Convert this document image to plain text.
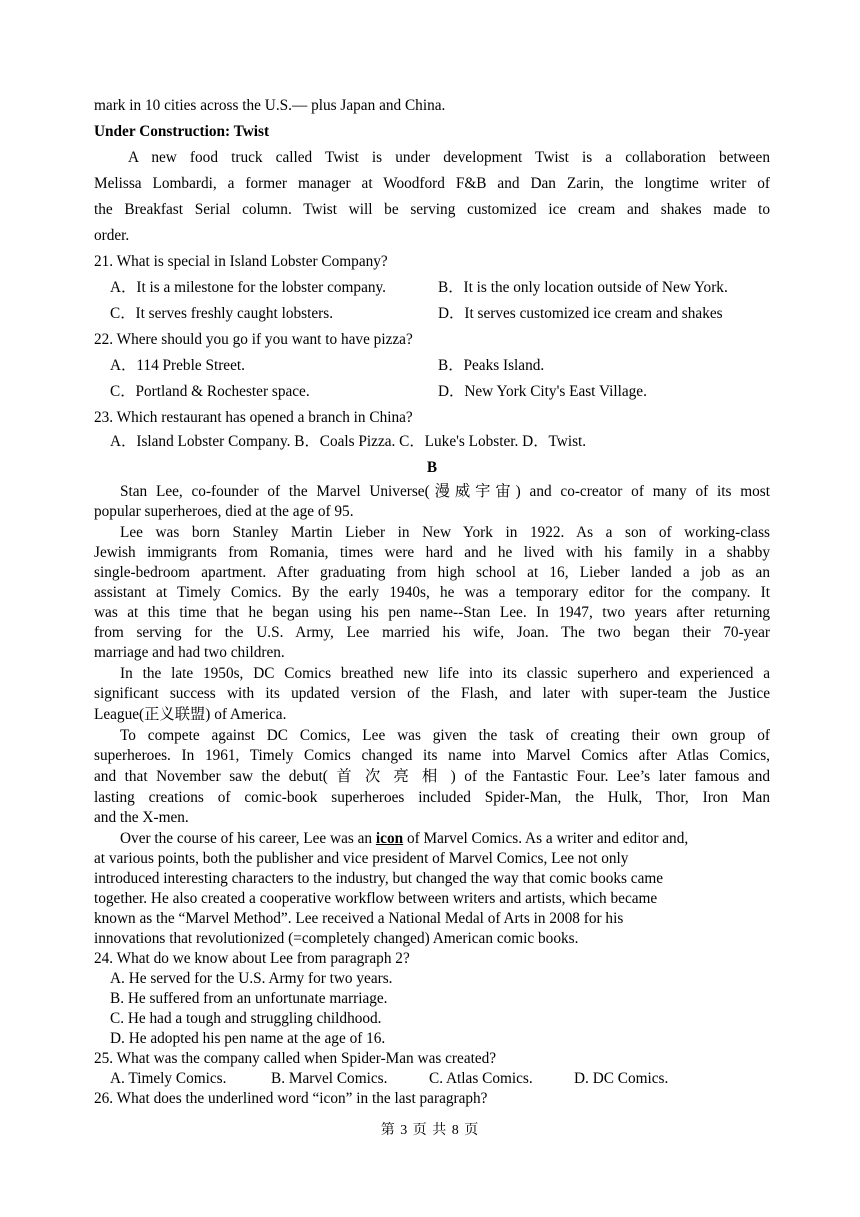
mark in 10 cities across the U.S.— plus Japan and China.
Under Construction: Twist
A new food truck called Twist is under development Twist is a collaboration between
Melissa Lombardi, a former manager at Woodford F&B and Dan Zarin, the longtime writer of
the Breakfast Serial column. Twist will be serving customized ice cream and shakes made to
order.
21. What is special in Island Lobster Company?
A．It is a milestone for the lobster company.	B．It is the only location outside of New York.
C．It serves freshly caught lobsters.	D．It serves customized ice cream and shakes
22. Where should you go if you want to have pizza?
A．114 Preble Street.	B．Peaks Island.
C．Portland & Rochester space.	D．New York City's East Village.
23. Which restaurant has opened a branch in China?
A．Island Lobster Company. B．Coals Pizza. C．Luke's Lobster. D．Twist.
B
Stan Lee, co-founder of the Marvel Universe(漫威宇宙) and co-creator of many of its most
popular superheroes, died at the age of 95.
Lee was born Stanley Martin Lieber in New York in 1922. As a son of working-class
Jewish immigrants from Romania, times were hard and he lived with his family in a shabby
single-bedroom apartment. After graduating from high school at 16, Lieber landed a job as an
assistant at Timely Comics. By the early 1940s, he was a temporary editor for the company. It
was at this time that he began using his pen name--Stan Lee. In 1947, two years after returning
from serving for the U.S. Army, Lee married his wife, Joan. The two began their 70-year
marriage and had two children.
In the late 1950s, DC Comics breathed new life into its classic superhero and experienced a
significant success with its updated version of the Flash, and later with super-team the Justice
League(正义联盟) of America.
To compete against DC Comics, Lee was given the task of creating their own group of
superheroes. In 1961, Timely Comics changed its name into Marvel Comics after Atlas Comics,
and that November saw the debut( 首 次 亮 相 ) of the Fantastic Four. Lee’s later famous and
lasting creations of comic-book superheroes included Spider-Man, the Hulk, Thor, Iron Man
and the X-men.
Over the course of his career, Lee was an icon of Marvel Comics. As a writer and editor and,
at various points, both the publisher and vice president of Marvel Comics, Lee not only
introduced interesting characters to the industry, but changed the way that comic books came
together. He also created a cooperative workflow between writers and artists, which became
known as the “Marvel Method”. Lee received a National Medal of Arts in 2008 for his
innovations that revolutionized (=completely changed) American comic books.
24. What do we know about Lee from paragraph 2?
A. He served for the U.S. Army for two years.
B. He suffered from an unfortunate marriage.
C. He had a tough and struggling childhood.
D. He adopted his pen name at the age of 16.
25. What was the company called when Spider-Man was created?
A. Timely Comics.	B. Marvel Comics.	C. Atlas Comics.	D. DC Comics.
26. What does the underlined word “icon” in the last paragraph?
第 3 页 共 8 页
